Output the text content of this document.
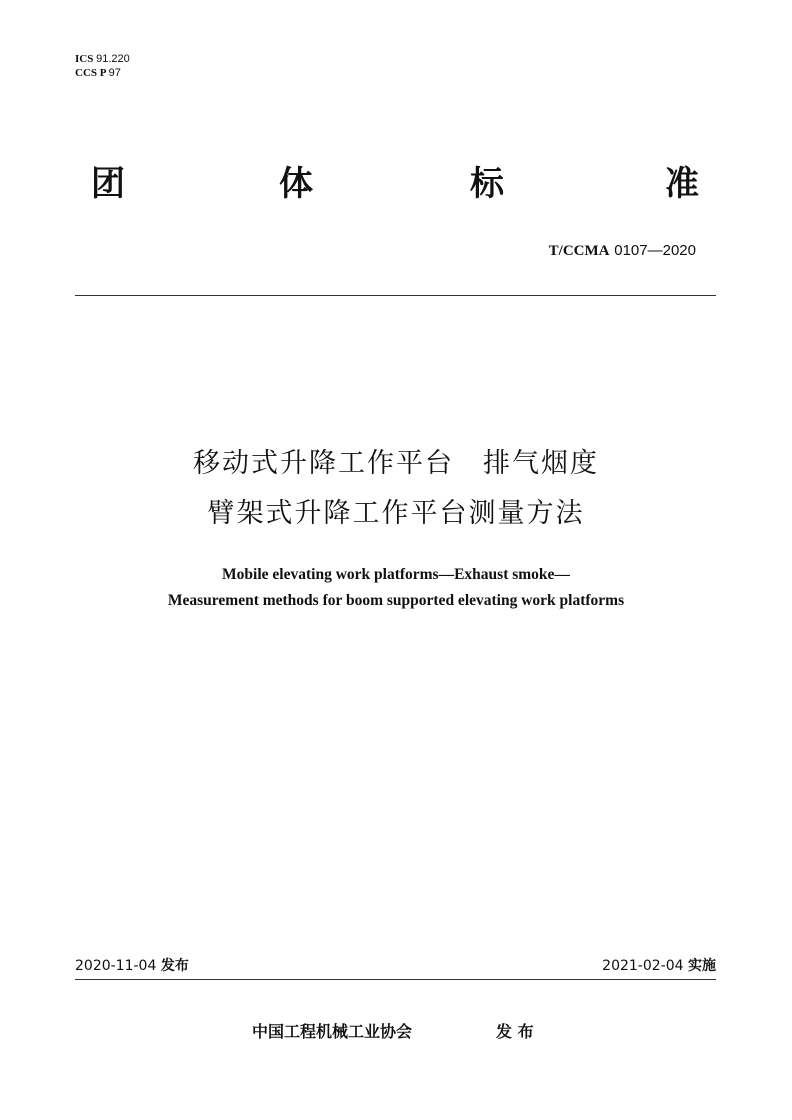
ICS 91.220
CCS P 97
团	体	标	准
T/CCMA 0107—2020
移动式升降工作平台　排气烟度
臂架式升降工作平台测量方法
Mobile elevating work platforms—Exhaust smoke—
Measurement methods for boom supported elevating work platforms
2020-11-04 发布	2021-02-04 实施
中国工程机械工业协会	发 布
